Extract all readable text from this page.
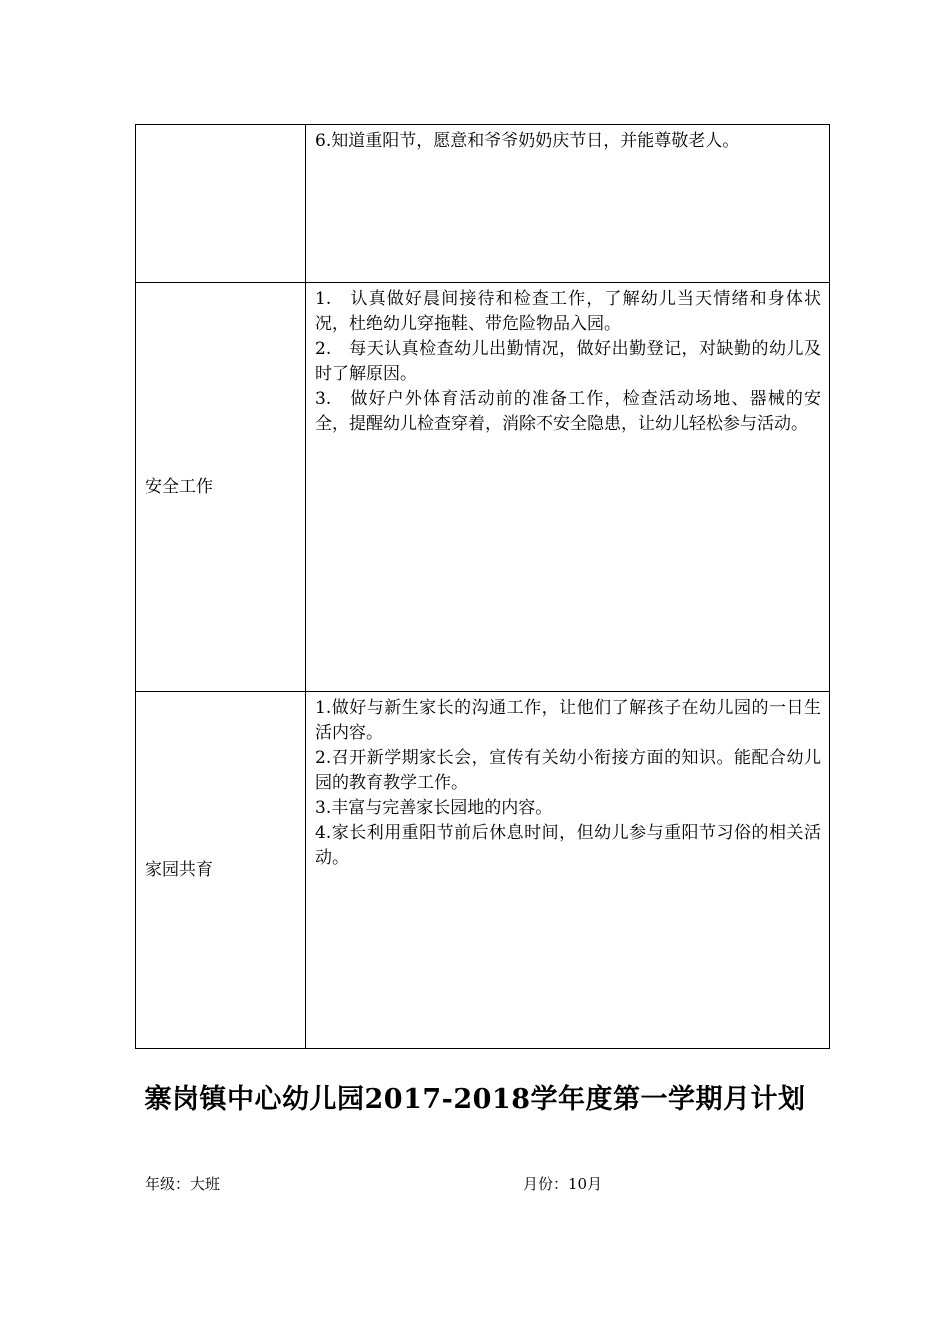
	6.知道重阳节，愿意和爷爷奶奶庆节日，并能尊敬老人。

安全工作	1.　认真做好晨间接待和检查工作，了解幼儿当天情绪和身体状况，杜绝幼儿穿拖鞋、带危险物品入园。

2.　每天认真检查幼儿出勤情况，做好出勤登记，对缺勤的幼儿及时了解原因。

3.　做好户外体育活动前的准备工作，检查活动场地、器械的安全，提醒幼儿检查穿着，消除不安全隐患，让幼儿轻松参与活动。

家园共育	1.做好与新生家长的沟通工作，让他们了解孩子在幼儿园的一日生活内容。

2.召开新学期家长会，宣传有关幼小衔接方面的知识。能配合幼儿园的教育教学工作。

3.丰富与完善家长园地的内容。

4.家长利用重阳节前后休息时间，但幼儿参与重阳节习俗的相关活动。

寨岗镇中心幼儿园2017-2018学年度第一学期月计划
年级：大班	月份：10月
